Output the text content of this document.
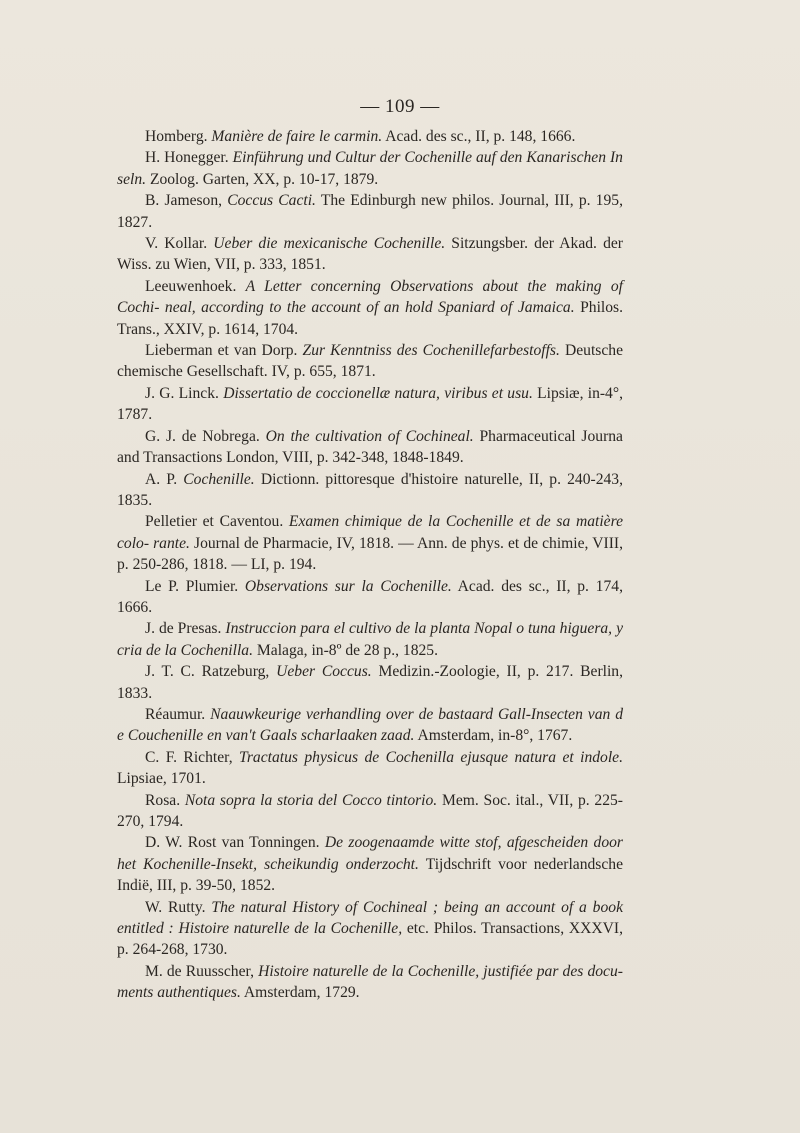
— 109 —

Homberg. Manière de faire le carmin. Acad. des sc., II, p. 148, 1666.

H. Honegger. Einführung und Cultur der Cochenille auf den Kanarischen In seln. Zoolog. Garten, XX, p. 10-17, 1879.

B. Jameson, Coccus Cacti. The Edinburgh new philos. Journal, III, p. 195, 1827.

V. Kollar. Ueber die mexicanische Cochenille. Sitzungsber. der Akad. der Wiss. zu Wien, VII, p. 333, 1851.

Leeuwenhoek. A Letter concerning Observations about the making of Cochi- neal, according to the account of an hold Spaniard of Jamaica. Philos. Trans., XXIV, p. 1614, 1704.

Lieberman et van Dorp. Zur Kenntniss des Cochenillefarbestoffs. Deutsche chemische Gesellschaft. IV, p. 655, 1871.

J. G. Linck. Dissertatio de coccionellæ natura, viribus et usu. Lipsiæ, in-4°, 1787.

G. J. de Nobrega. On the cultivation of Cochineal. Pharmaceutical Journa and Transactions London, VIII, p. 342-348, 1848-1849.

A. P. Cochenille. Dictionn. pittoresque d'histoire naturelle, II, p. 240-243, 1835.

Pelletier et Caventou. Examen chimique de la Cochenille et de sa matière colo- rante. Journal de Pharmacie, IV, 1818. — Ann. de phys. et de chimie, VIII, p. 250-286, 1818. — LI, p. 194.

Le P. Plumier. Observations sur la Cochenille. Acad. des sc., II, p. 174, 1666.

J. de Presas. Instruccion para el cultivo de la planta Nopal o tuna higuera, y cria de la Cochenilla. Malaga, in-8º de 28 p., 1825.

J. T. C. Ratzeburg, Ueber Coccus. Medizin.-Zoologie, II, p. 217. Berlin, 1833.

Réaumur. Naauwkeurige verhandling over de bastaard Gall-Insecten van d e Couchenille en van't Gaals scharlaaken zaad. Amsterdam, in-8°, 1767.

C. F. Richter, Tractatus physicus de Cochenilla ejusque natura et indole. Lipsiae, 1701.

Rosa. Nota sopra la storia del Cocco tintorio. Mem. Soc. ital., VII, p. 225- 270, 1794.

D. W. Rost van Tonningen. De zoogenaamde witte stof, afgescheiden door het Kochenille-Insekt, scheikundig onderzocht. Tijdschrift voor nederlandsche Indië, III, p. 39-50, 1852.

W. Rutty. The natural History of Cochineal ; being an account of a book entitled : Histoire naturelle de la Cochenille, etc. Philos. Transactions, XXXVI, p. 264-268, 1730.

M. de Ruusscher, Histoire naturelle de la Cochenille, justifiée par des docu- ments authentiques. Amsterdam, 1729.
